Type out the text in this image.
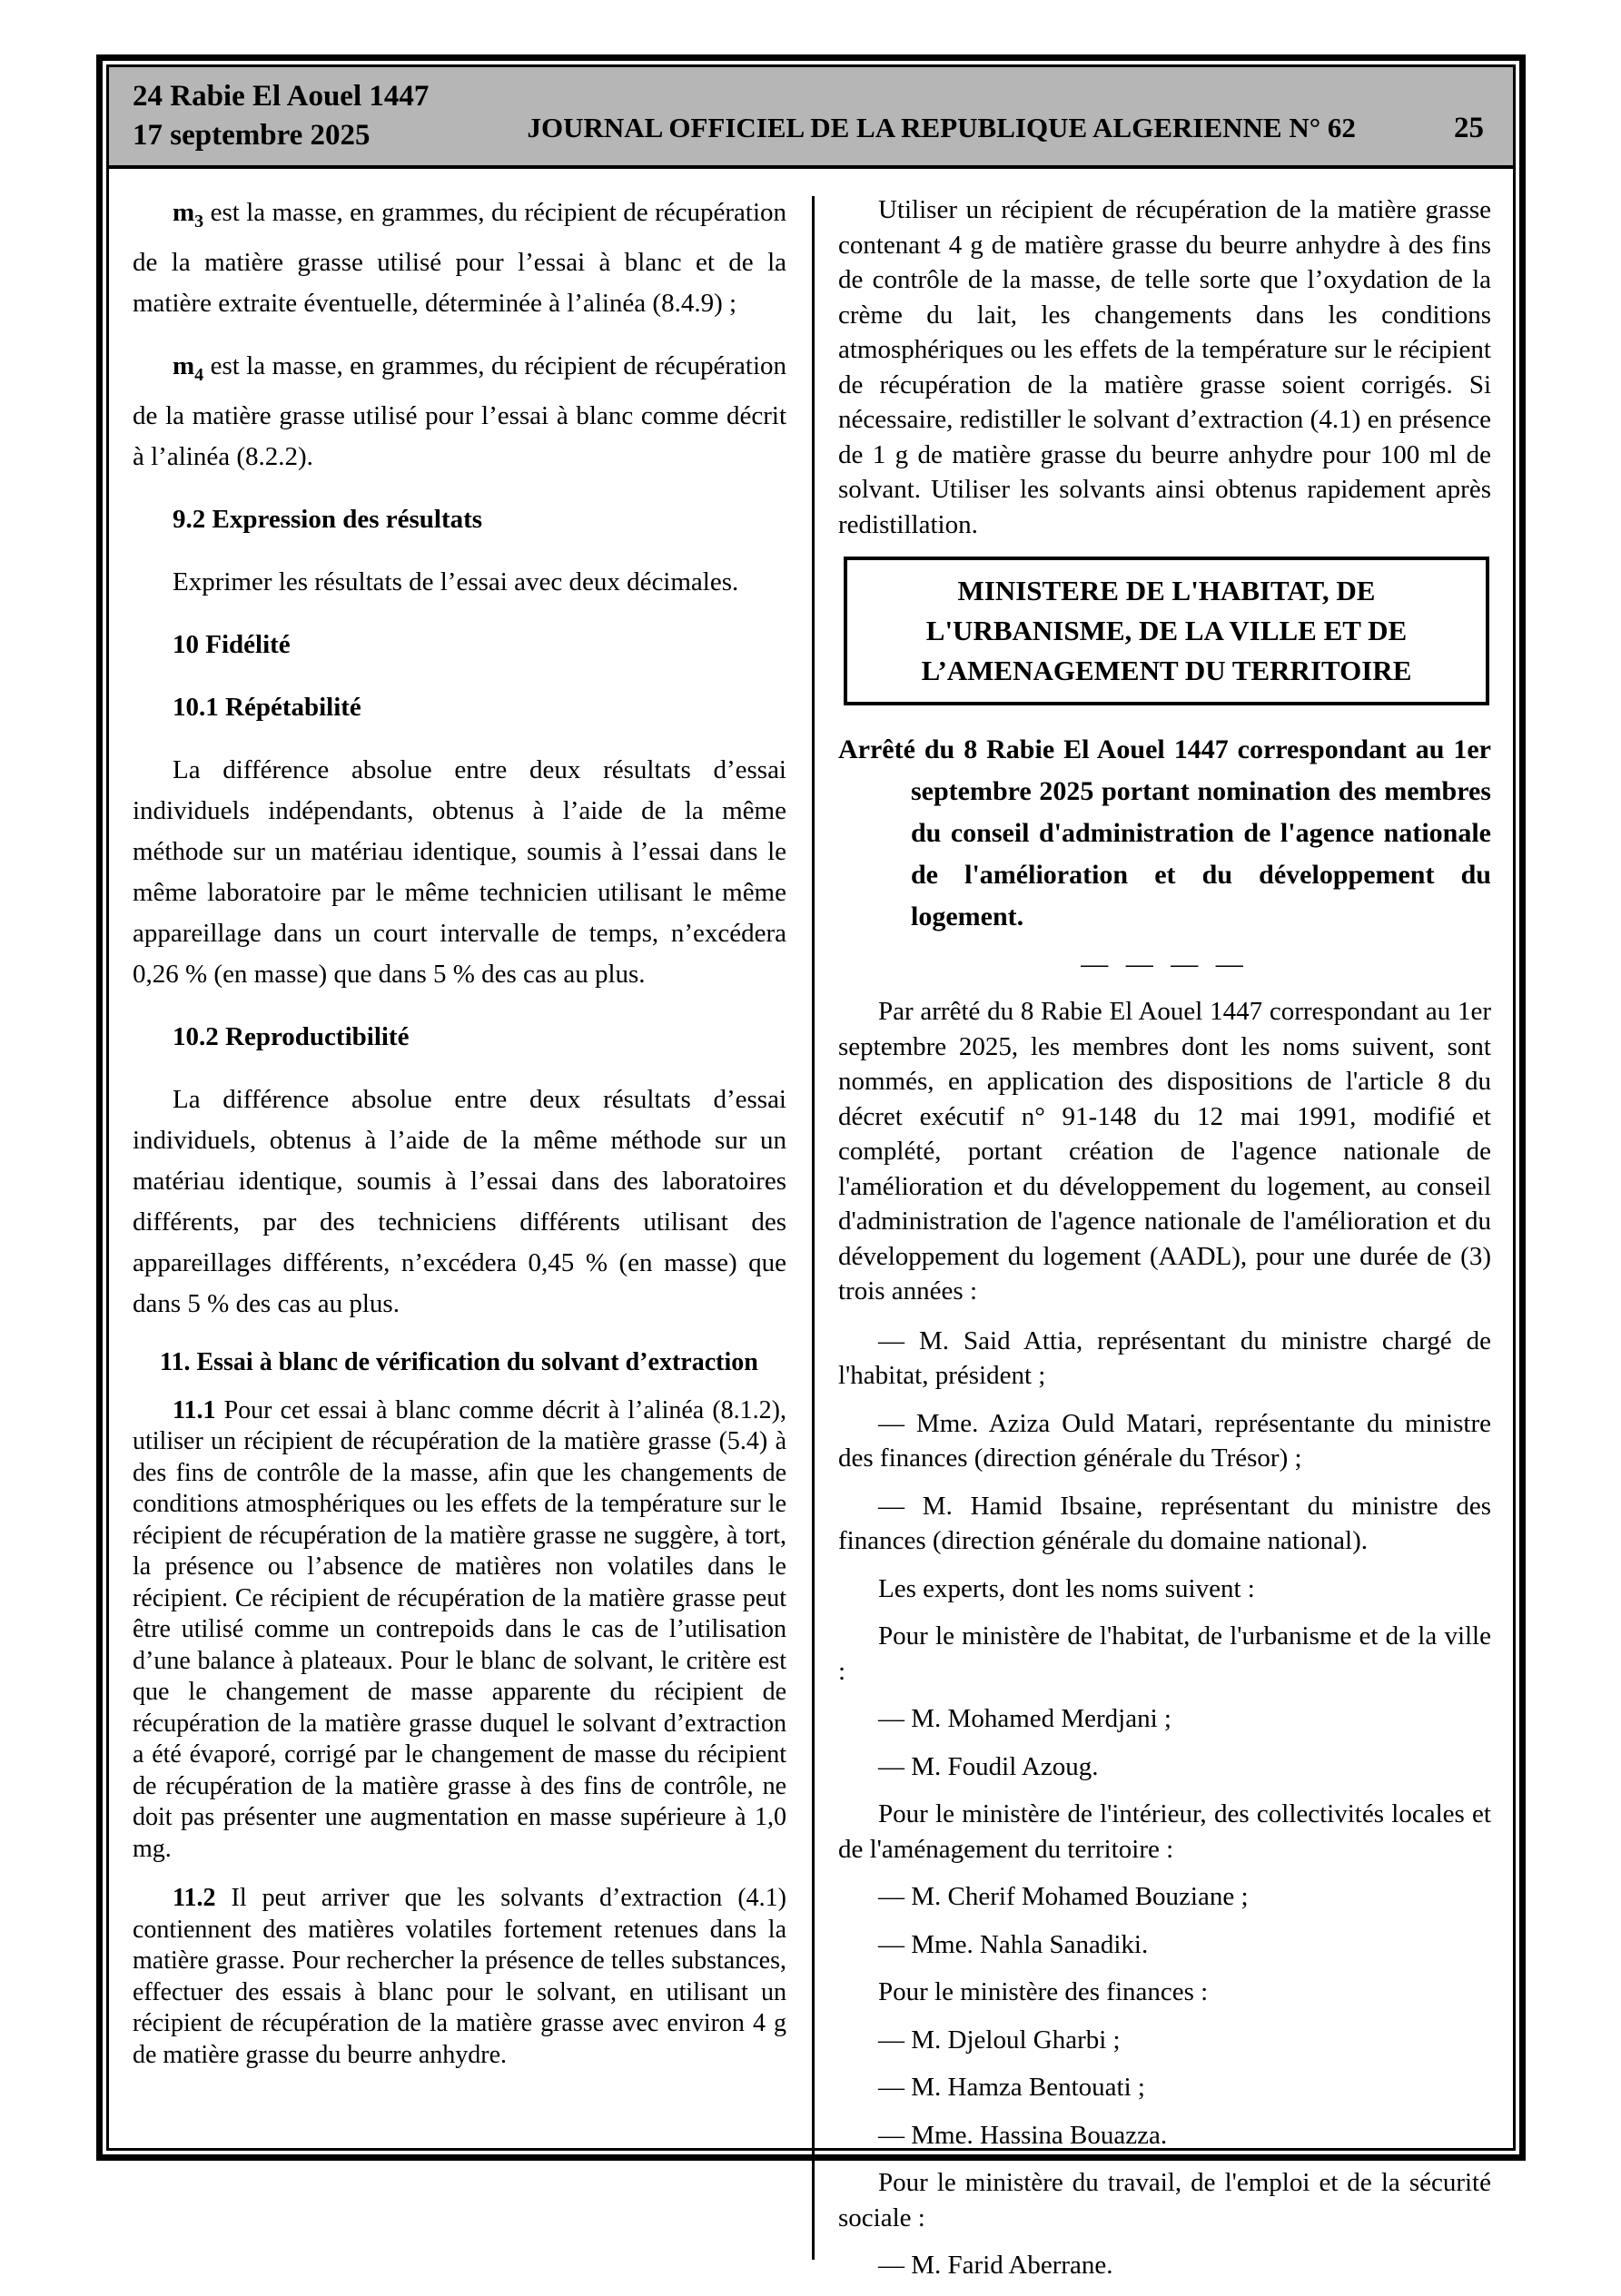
24 Rabie El Aouel 1447
17 septembre 2025	JOURNAL OFFICIEL DE LA REPUBLIQUE ALGERIENNE N° 62	25

$m_3$ est la masse, en grammes, du récipient de récupération de la matière grasse utilisé pour l’essai à blanc et de la matière extraite éventuelle, déterminée à l’alinéa (8.4.9) ;

$m_4$ est la masse, en grammes, du récipient de récupération de la matière grasse utilisé pour l’essai à blanc comme décrit à l’alinéa (8.2.2).

9.2 Expression des résultats

Exprimer les résultats de l’essai avec deux décimales.

10 Fidélité
10.1 Répétabilité

La différence absolue entre deux résultats d’essai individuels indépendants, obtenus à l’aide de la même méthode sur un matériau identique, soumis à l’essai dans le même laboratoire par le même technicien utilisant le même appareillage dans un court intervalle de temps, n’excédera 0,26 % (en masse) que dans 5 % des cas au plus.

10.2 Reproductibilité

La différence absolue entre deux résultats d’essai individuels, obtenus à l’aide de la même méthode sur un matériau identique, soumis à l’essai dans des laboratoires différents, par des techniciens différents utilisant des appareillages différents, n’excédera 0,45 % (en masse) que dans 5 % des cas au plus.

11. Essai à blanc de vérification du solvant d’extraction

11.1 Pour cet essai à blanc comme décrit à l’alinéa (8.1.2), utiliser un récipient de récupération de la matière grasse (5.4) à des fins de contrôle de la masse, afin que les changements de conditions atmosphériques ou les effets de la température sur le récipient de récupération de la matière grasse ne suggère, à tort, la présence ou l’absence de matières non volatiles dans le récipient. Ce récipient de récupération de la matière grasse peut être utilisé comme un contrepoids dans le cas de l’utilisation d’une balance à plateaux. Pour le blanc de solvant, le critère est que le changement de masse apparente du récipient de récupération de la matière grasse duquel le solvant d’extraction a été évaporé, corrigé par le changement de masse du récipient de récupération de la matière grasse à des fins de contrôle, ne doit pas présenter une augmentation en masse supérieure à 1,0 mg.

11.2 Il peut arriver que les solvants d’extraction (4.1) contiennent des matières volatiles fortement retenues dans la matière grasse. Pour rechercher la présence de telles substances, effectuer des essais à blanc pour le solvant, en utilisant un récipient de récupération de la matière grasse avec environ 4 g de matière grasse du beurre anhydre.

Utiliser un récipient de récupération de la matière grasse contenant 4 g de matière grasse du beurre anhydre à des fins de contrôle de la masse, de telle sorte que l’oxydation de la crème du lait, les changements dans les conditions atmosphériques ou les effets de la température sur le récipient de récupération de la matière grasse soient corrigés. Si nécessaire, redistiller le solvant d’extraction (4.1) en présence de 1 g de matière grasse du beurre anhydre pour 100 ml de solvant. Utiliser les solvants ainsi obtenus rapidement après redistillation.

MINISTERE DE L'HABITAT, DE L'URBANISME, DE LA VILLE ET DE L’AMENAGEMENT DU TERRITOIRE
Arrêté du 8 Rabie El Aouel 1447 correspondant au 1er septembre 2025 portant nomination des membres du conseil d'administration de l'agence nationale de l'amélioration et du développement du logement.
— — — —

Par arrêté du 8 Rabie El Aouel 1447 correspondant au 1er septembre 2025, les membres dont les noms suivent, sont nommés, en application des dispositions de l'article 8 du décret exécutif n° 91-148 du 12 mai 1991, modifié et complété, portant création de l'agence nationale de l'amélioration et du développement du logement, au conseil d'administration de l'agence nationale de l'amélioration et du développement du logement (AADL), pour une durée de (3) trois années :

— M. Said Attia, représentant du ministre chargé de l'habitat, président ;

— Mme. Aziza Ould Matari, représentante du ministre des finances (direction générale du Trésor) ;

— M. Hamid Ibsaine, représentant du ministre des finances (direction générale du domaine national).

Les experts, dont les noms suivent :

Pour le ministère de l'habitat, de l'urbanisme et de la ville :

— M. Mohamed Merdjani ;

— M. Foudil Azoug.

Pour le ministère de l'intérieur, des collectivités locales et de l'aménagement du territoire :

— M. Cherif Mohamed Bouziane ;

— Mme. Nahla Sanadiki.

Pour le ministère des finances :

— M. Djeloul Gharbi ;

— M. Hamza Bentouati ;

— Mme. Hassina Bouazza.

Pour le ministère du travail, de l'emploi et de la sécurité sociale :

— M. Farid Aberrane.
